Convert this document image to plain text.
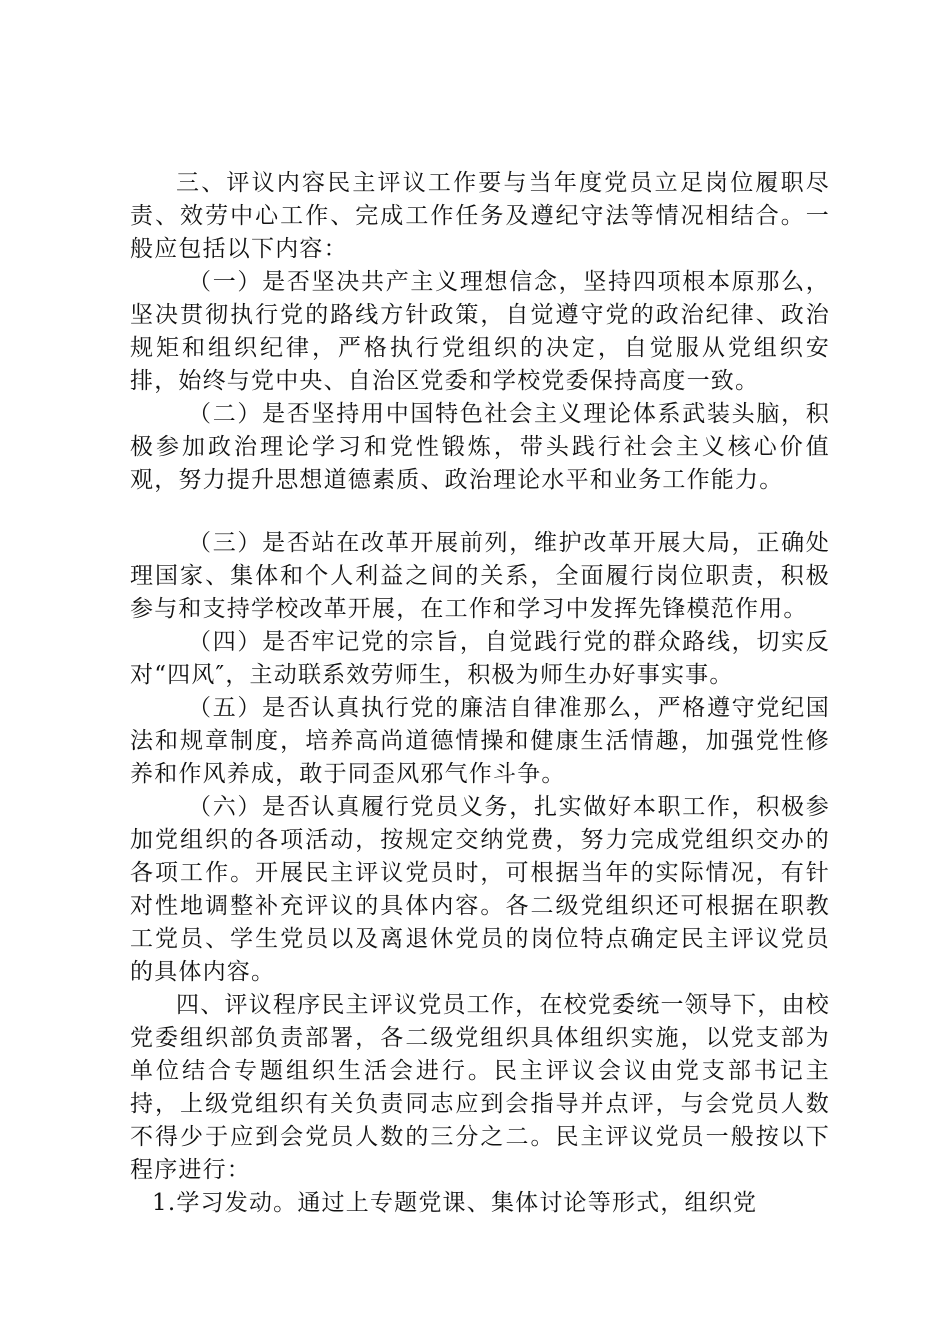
三、评议内容民主评议工作要与当年度党员立足岗位履职尽责、效劳中心工作、完成工作任务及遵纪守法等情况相结合。一般应包括以下内容：

（一）是否坚决共产主义理想信念，坚持四项根本原那么，坚决贯彻执行党的路线方针政策，自觉遵守党的政治纪律、政治规矩和组织纪律，严格执行党组织的决定，自觉服从党组织安排，始终与党中央、自治区党委和学校党委保持高度一致。

（二）是否坚持用中国特色社会主义理论体系武装头脑，积极参加政治理论学习和党性锻炼，带头践行社会主义核心价值观，努力提升思想道德素质、政治理论水平和业务工作能力。

（三）是否站在改革开展前列，维护改革开展大局，正确处理国家、集体和个人利益之间的关系，全面履行岗位职责，积极参与和支持学校改革开展，在工作和学习中发挥先锋模范作用。

（四）是否牢记党的宗旨，自觉践行党的群众路线，切实反对“四风″，主动联系效劳师生，积极为师生办好事实事。

（五）是否认真执行党的廉洁自律准那么，严格遵守党纪国法和规章制度，培养高尚道德情操和健康生活情趣，加强党性修养和作风养成，敢于同歪风邪气作斗争。

（六）是否认真履行党员义务，扎实做好本职工作，积极参加党组织的各项活动，按规定交纳党费，努力完成党组织交办的各项工作。开展民主评议党员时，可根据当年的实际情况，有针对性地调整补充评议的具体内容。各二级党组织还可根据在职教工党员、学生党员以及离退休党员的岗位特点确定民主评议党员的具体内容。

四、评议程序民主评议党员工作，在校党委统一领导下，由校党委组织部负责部署，各二级党组织具体组织实施，以党支部为单位结合专题组织生活会进行。民主评议会议由党支部书记主持，上级党组织有关负责同志应到会指导并点评，与会党员人数不得少于应到会党员人数的三分之二。民主评议党员一般按以下程序进行：

1.学习发动。通过上专题党课、集体讨论等形式，组织党
